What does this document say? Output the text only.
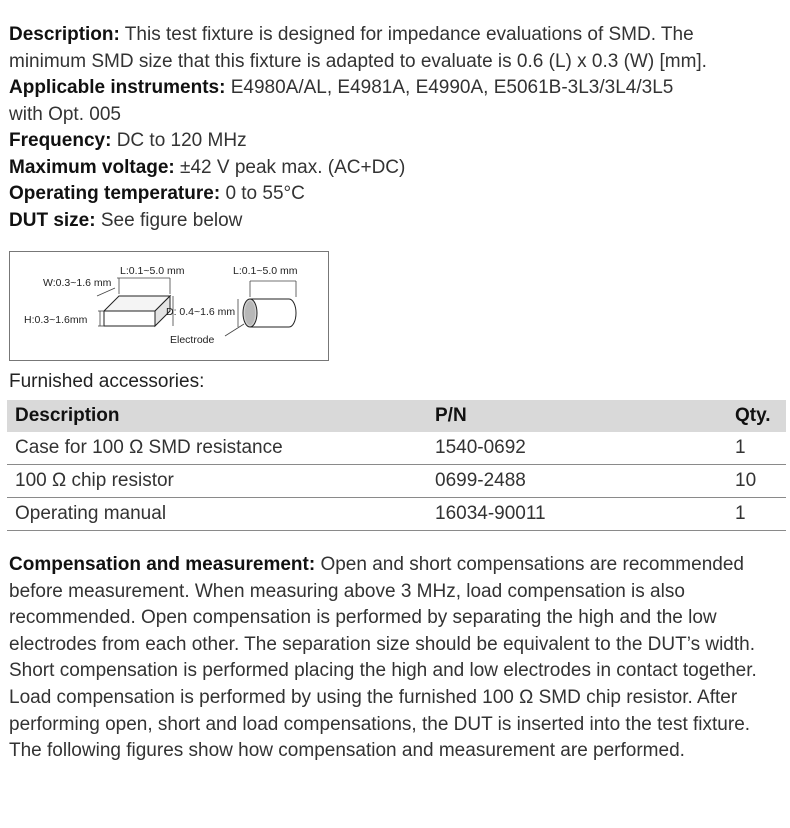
Description: This test fixture is designed for impedance evaluations of SMD. The
minimum SMD size that this fixture is adapted to evaluate is 0.6 (L) x 0.3 (W) [mm].
Applicable instruments: E4980A/AL, E4981A, E4990A, E5061B-3L3/3L4/3L5
with Opt. 005
Frequency: DC to 120 MHz
Maximum voltage: ±42 V peak max. (AC+DC)
Operating temperature: 0 to 55°C
DUT size: See figure below
W:0.3~1.6 mm
L:0.1~5.0 mm
H:0.3~1.6mm
D: 0.4~1.6 mm
L:0.1~5.0 mm
Electrode
Furnished accessories:
Description	P/N	Qty.
Case for 100 Ω SMD resistance	1540-0692	1
100 Ω chip resistor	0699-2488	10
Operating manual	16034-90011	1
Compensation and measurement: Open and short compensations are recommended before measurement. When measuring above 3 MHz, load compensation is also recommended. Open compensation is performed by separating the high and the low electrodes from each other. The separation size should be equivalent to the DUT’s width. Short compensation is performed placing the high and low electrodes in contact together. Load compensation is performed by using the furnished 100 Ω SMD chip resistor. After performing open, short and load compensations, the DUT is inserted into the test fixture. The following figures show how compensation and measurement are performed.
